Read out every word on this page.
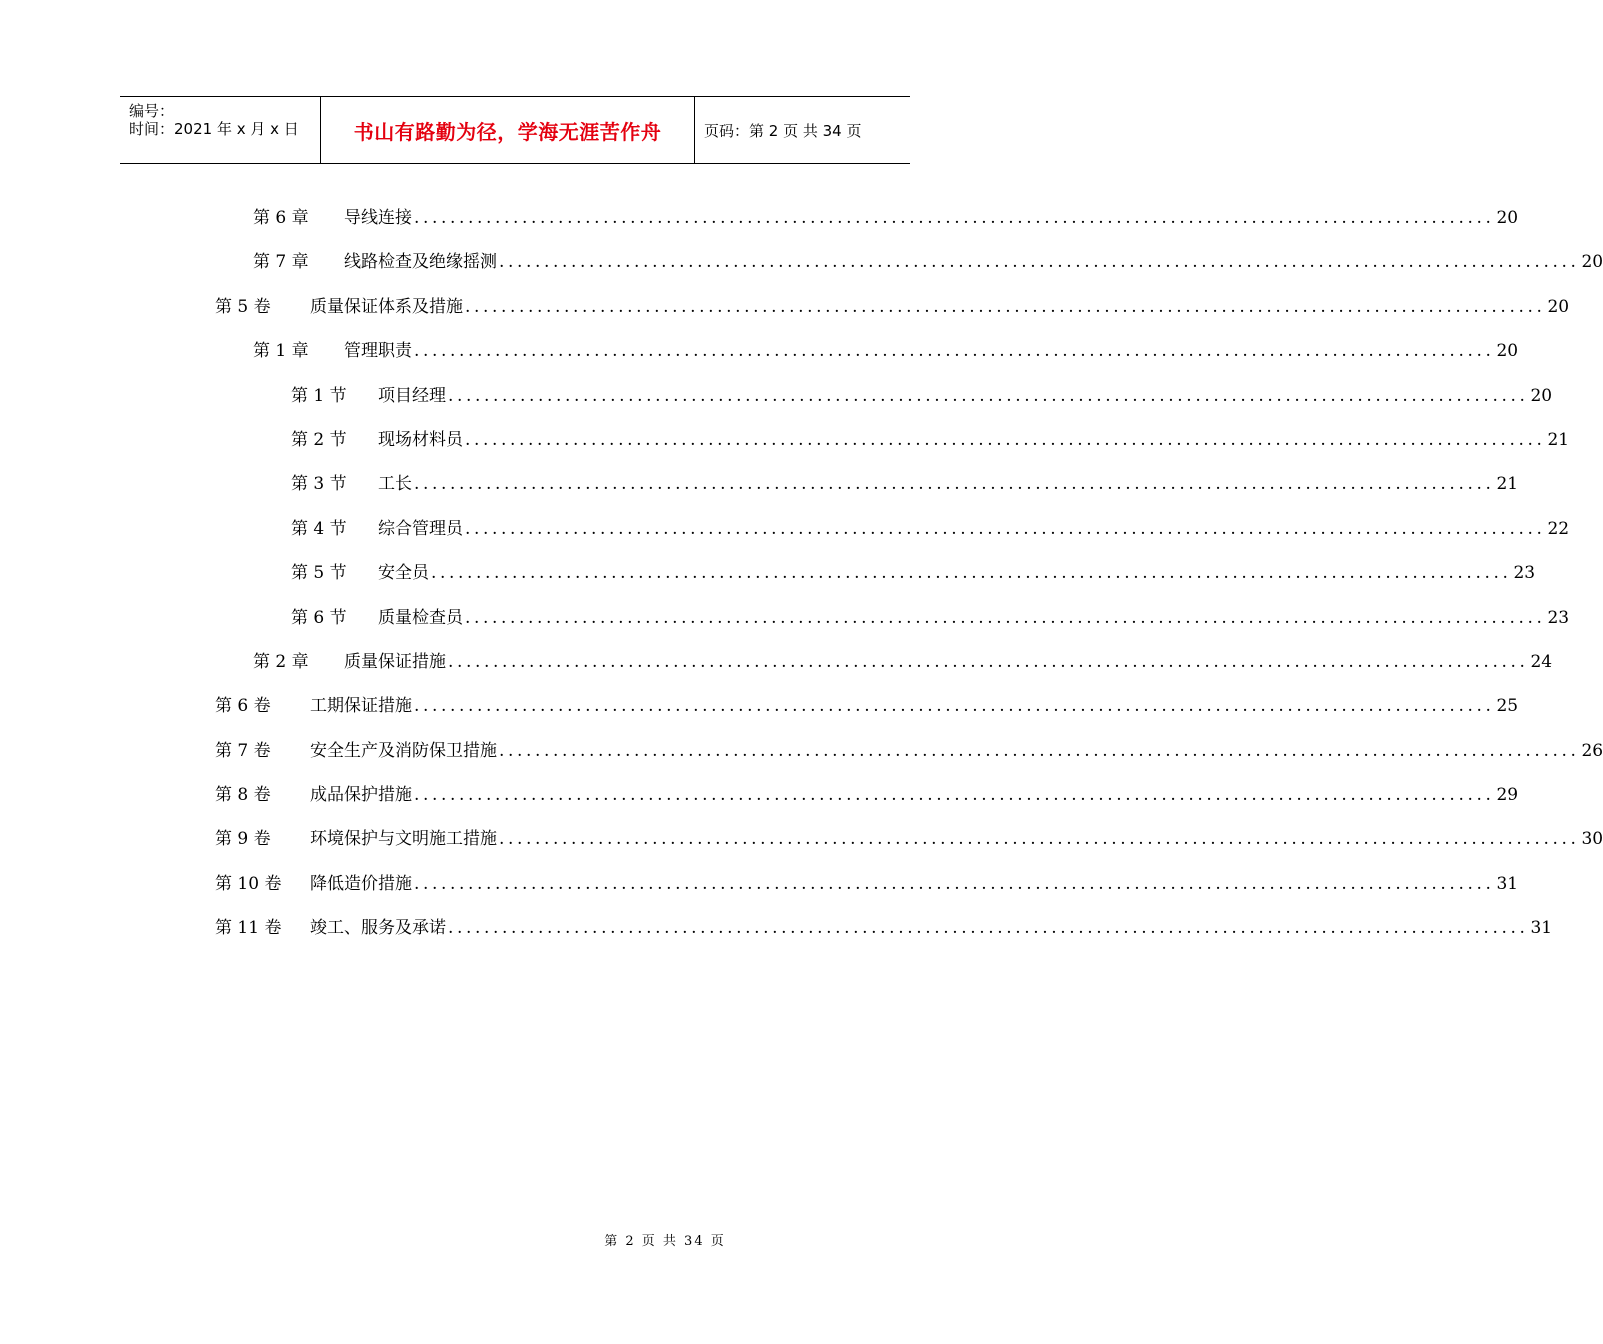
编号：
时间：2021 年 x 月 x 日	书山有路勤为径，学海无涯苦作舟	页码：第 2 页 共 34 页
第 6 章 导线连接 ........................................................................................................................ 20
第 7 章 线路检查及绝缘摇测 ........................................................................................................................ 20
第 5 卷 质量保证体系及措施 ........................................................................................................................ 20
第 1 章 管理职责 ........................................................................................................................ 20
第 1 节 项目经理 ........................................................................................................................ 20
第 2 节 现场材料员 ........................................................................................................................ 21
第 3 节 工长 ........................................................................................................................ 21
第 4 节 综合管理员 ........................................................................................................................ 22
第 5 节 安全员 ........................................................................................................................ 23
第 6 节 质量检查员 ........................................................................................................................ 23
第 2 章 质量保证措施 ........................................................................................................................ 24
第 6 卷 工期保证措施 ........................................................................................................................ 25
第 7 卷 安全生产及消防保卫措施 ........................................................................................................................ 26
第 8 卷 成品保护措施 ........................................................................................................................ 29
第 9 卷 环境保护与文明施工措施 ........................................................................................................................ 30
第 10 卷 降低造价措施 ........................................................................................................................ 31
第 11 卷 竣工、服务及承诺 ........................................................................................................................ 31
第 2 页 共 34 页
